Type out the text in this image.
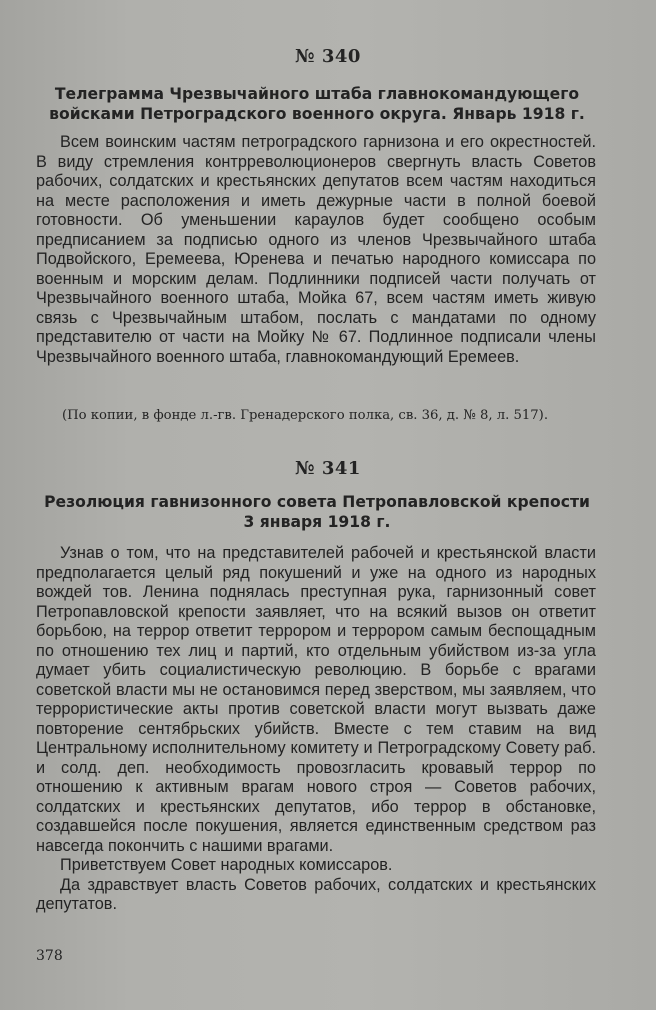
№ 340
Телеграмма Чрезвычайного штаба главнокомандующего войсками Петроградского военного округа. Январь 1918 г.

Всем воинским частям петроградского гарнизона и его окрестностей. В виду стремления контрреволюционеров свергнуть власть Советов рабочих, солдатских и крестьянских депутатов всем частям находиться на месте расположения и иметь дежурные части в полной боевой готовности. Об уменьшении караулов будет сообщено особым предписанием за подписью одного из членов Чрезвычайного штаба Подвойского, Еремеева, Юренева и печатью народного комиссара по военным и морским делам. Подлинники подписей части получать от Чрезвычайного военного штаба, Мойка 67, всем частям иметь живую связь с Чрезвычайным штабом, послать с мандатами по одному представителю от части на Мойку № 67. Подлинное подписали члены Чрезвычайного военного штаба, главнокомандующий Еремеев.

(По копии, в фонде л.-гв. Гренадерского полка, св. 36, д. № 8, л. 517).
№ 341
Резолюция гавнизонного совета Петропавловской крепости 3 января 1918 г.

Узнав о том, что на представителей рабочей и крестьянской власти предполагается целый ряд покушений и уже на одного из народных вождей тов. Ленина поднялась преступная рука, гарнизонный совет Петропавловской крепости заявляет, что на всякий вызов он ответит борьбою, на террор ответит террором и террором самым беспощадным по отношению тех лиц и партий, кто отдельным убийством из-за угла думает убить социалистическую революцию. В борьбе с врагами советской власти мы не остановимся перед зверством, мы заявляем, что террористические акты против советской власти могут вызвать даже повторение сентябрьских убийств. Вместе с тем ставим на вид Центральному исполнительному комитету и Петроградскому Совету раб. и солд. деп. необходимость провозгласить кровавый террор по отношению к активным врагам нового строя — Советов рабочих, солдатских и крестьянских депутатов, ибо террор в обстановке, создавшейся после покушения, является единственным средством раз навсегда покончить с нашими врагами.

Приветствуем Совет народных комиссаров.

Да здравствует власть Советов рабочих, солдатских и крестьянских депутатов.

378
